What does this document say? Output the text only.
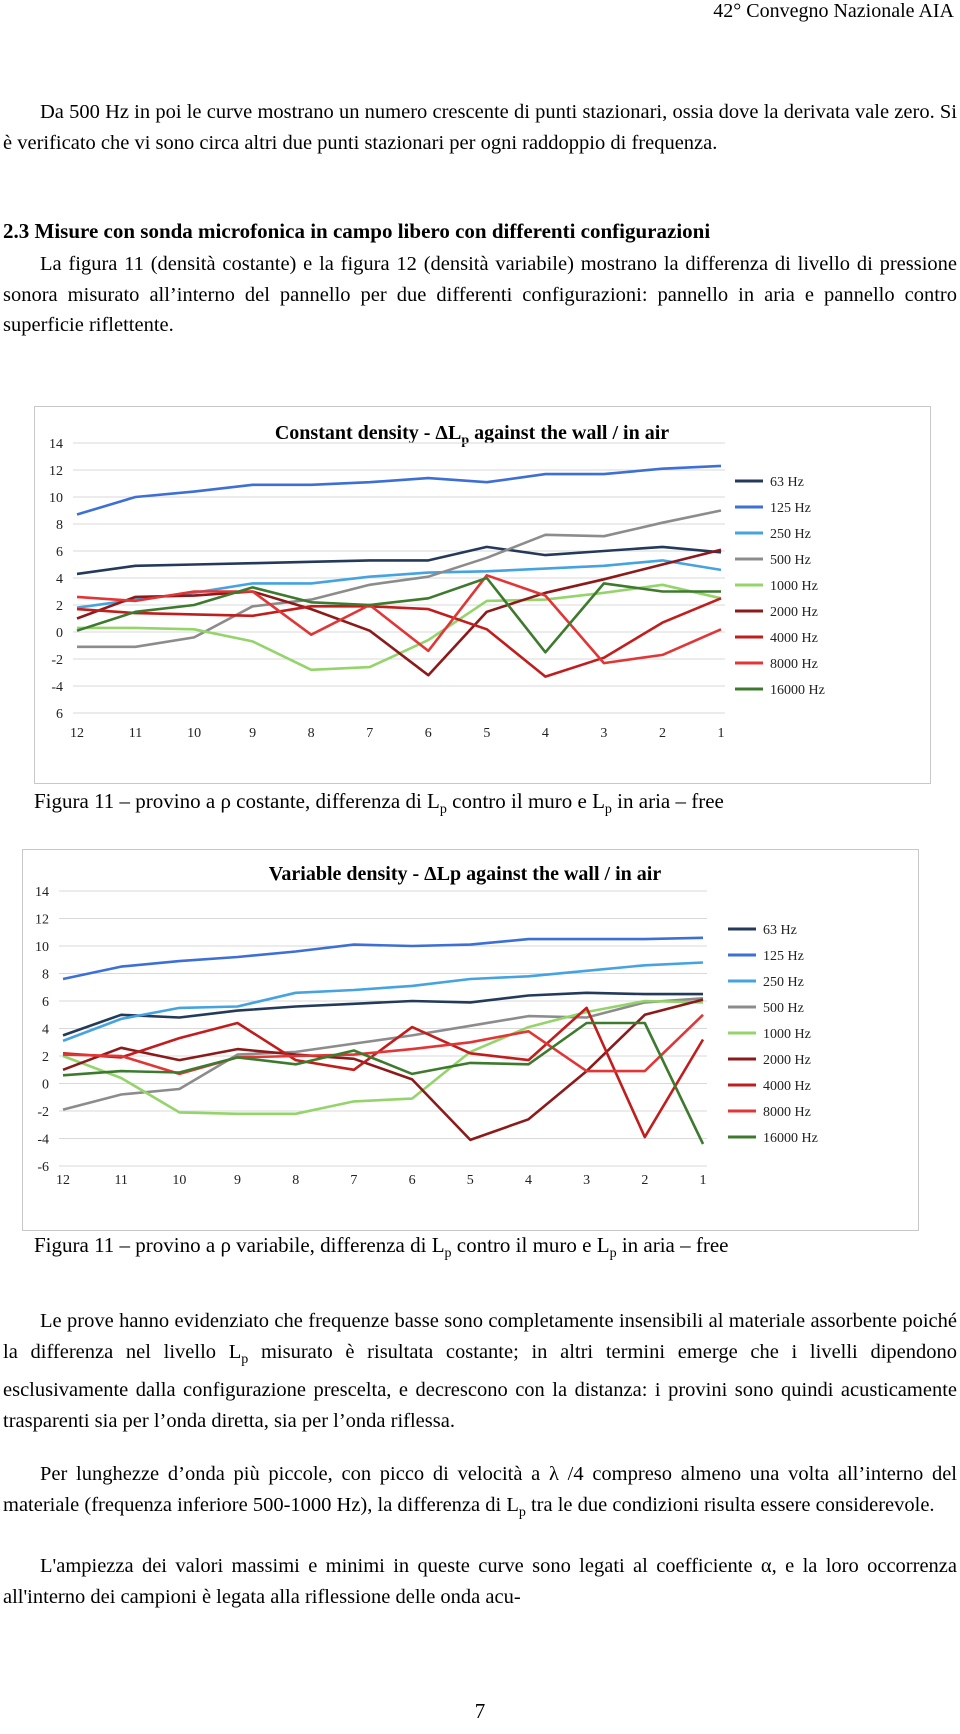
42° Convegno Nazionale AIA
Da 500 Hz in poi le curve mostrano un numero crescente di punti stazionari, ossia dove la derivata vale zero. Si è verificato che vi sono circa altri due punti stazionari per ogni raddoppio di frequenza.
2.3 Misure con sonda microfonica in campo libero con differenti configurazioni
La figura 11 (densità costante) e la figura 12 (densità variabile) mostrano la differenza di livello di pressione sonora misurato all’interno del pannello per due differenti configurazioni: pannello in aria e pannello contro superficie riflettente.
Constant density - $\Delta L_p$ against the wall / in air
14
12
10
8
6
4
2
0
-2
-4
6
12	11	10	9	8	7	6	5	4	3	2	1
63 Hz
125 Hz
250 Hz
500 Hz
1000 Hz
2000 Hz
4000 Hz
8000 Hz
16000 Hz
Figura 11 – provino a ρ costante, differenza di $L_p$ contro il muro e $L_p$ in aria – free
Variable density - ΔLp against the wall / in air
14
12
10
8
6
4
2
0
-2
-4
-6
12	11	10	9	8	7	6	5	4	3	2	1
63 Hz
125 Hz
250 Hz
500 Hz
1000 Hz
2000 Hz
4000 Hz
8000 Hz
16000 Hz
Figura 11 – provino a ρ variabile, differenza di $L_p$ contro il muro e $L_p$ in aria – free
Le prove hanno evidenziato che frequenze basse sono completamente insensibili al materiale assorbente poiché la differenza nel livello $L_p$ misurato è risultata costante; in altri termini emerge che i livelli dipendono esclusivamente dalla configurazione prescelta, e decrescono con la distanza: i provini sono quindi acusticamente trasparenti sia per l’onda diretta, sia per l’onda riflessa.
Per lunghezze d’onda più piccole, con picco di velocità a λ /4 compreso almeno una volta all’interno del materiale (frequenza inferiore 500-1000 Hz), la differenza di $L_p$ tra le due condizioni risulta essere considerevole.
L'ampiezza dei valori massimi e minimi in queste curve sono legati al coefficiente α, e la loro occorrenza all'interno dei campioni è legata alla riflessione delle onda acu-
7
